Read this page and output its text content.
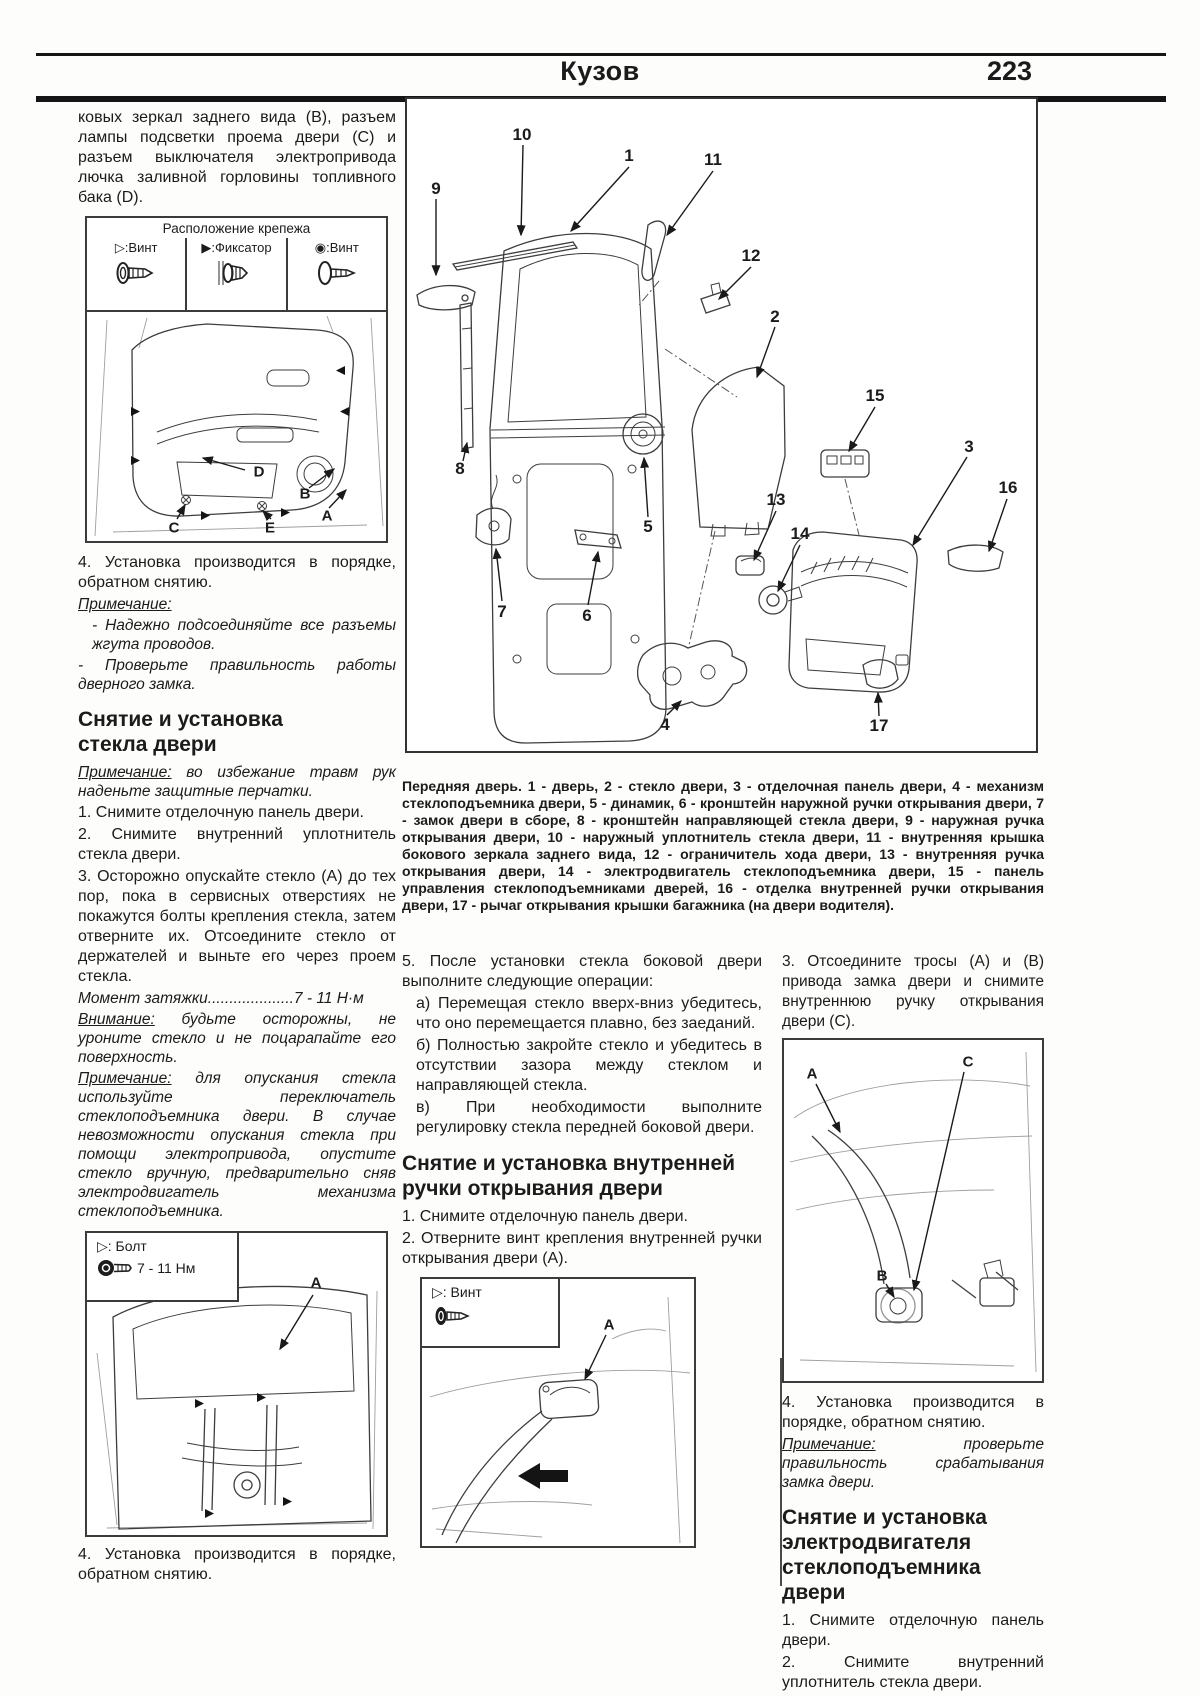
Кузов	223

ковых зеркал заднего вида (B), разъем лампы подсветки проема двери (C) и разъем выключателя электропривода лючка заливной горловины топливного бака (D).

Расположение крепежа
▷:Винт	▶:Фиксатор	◉:Винт
D
B
A
C	E

4. Установка производится в порядке, обратном снятию.

Примечание:

- Надежно подсоединяйте все разъемы жгута проводов.

- Проверьте правильность работы дверного замка.

Снятие и установка стекла двери

Примечание: во избежание травм рук наденьте защитные перчатки.

1. Снимите отделочную панель двери.

2. Снимите внутренний уплотнитель стекла двери.

3. Осторожно опускайте стекло (A) до тех пор, пока в сервисных отверстиях не покажутся болты крепления стекла, затем отверните их. Отсоедините стекло от держателей и выньте его через проем стекла.

Момент затяжки....................7 - 11 Н·м

Внимание: будьте осторожны, не уроните стекло и не поцарапайте его поверхность.

Примечание: для опускания стекла используйте переключатель стеклоподъемника двери. В случае невозможности опускания стекла при помощи электропривода, опустите стекло вручную, предварительно сняв электродвигатель механизма стеклоподъемника.

▷: Болт
7 - 11 Нм
A

4. Установка производится в порядке, обратном снятию.

1
2
3
4
5
6
7
8
9
10
11
12
13
14
15
16
17

Передняя дверь. 1 - дверь, 2 - стекло двери, 3 - отделочная панель двери, 4 - механизм стеклоподъемника двери, 5 - динамик, 6 - кронштейн наружной ручки открывания двери, 7 - замок двери в сборе, 8 - кронштейн направляющей стекла двери, 9 - наружная ручка открывания двери, 10 - наружный уплотнитель стекла двери, 11 - внутренняя крышка бокового зеркала заднего вида, 12 - ограничитель хода двери, 13 - внутренняя ручка открывания двери, 14 - электродвигатель стеклоподъемника двери, 15 - панель управления стеклоподъемниками дверей, 16 - отделка внутренней ручки открывания двери, 17 - рычаг открывания крышки багажника (на двери водителя).

5. После установки стекла боковой двери выполните следующие операции:

а) Перемещая стекло вверх-вниз убедитесь, что оно перемещается плавно, без заеданий.

б) Полностью закройте стекло и убедитесь в отсутствии зазора между стеклом и направляющей стекла.

в) При необходимости выполните регулировку стекла передней боковой двери.

Снятие и установка внутренней ручки открывания двери

1. Снимите отделочную панель двери.

2. Отверните винт крепления внутренней ручки открывания двери (A).

▷: Винт
A

3. Отсоедините тросы (A) и (B) привода замка двери и снимите внутреннюю ручку открывания двери (C).

A
B
C

4. Установка производится в порядке, обратном снятию.

Примечание:	проверьте правильность срабатывания замка двери.

Снятие и установка электродвигателя стеклоподъемника двери

1. Снимите отделочную панель двери.

2. Снимите внутренний уплотнитель стекла двери.
